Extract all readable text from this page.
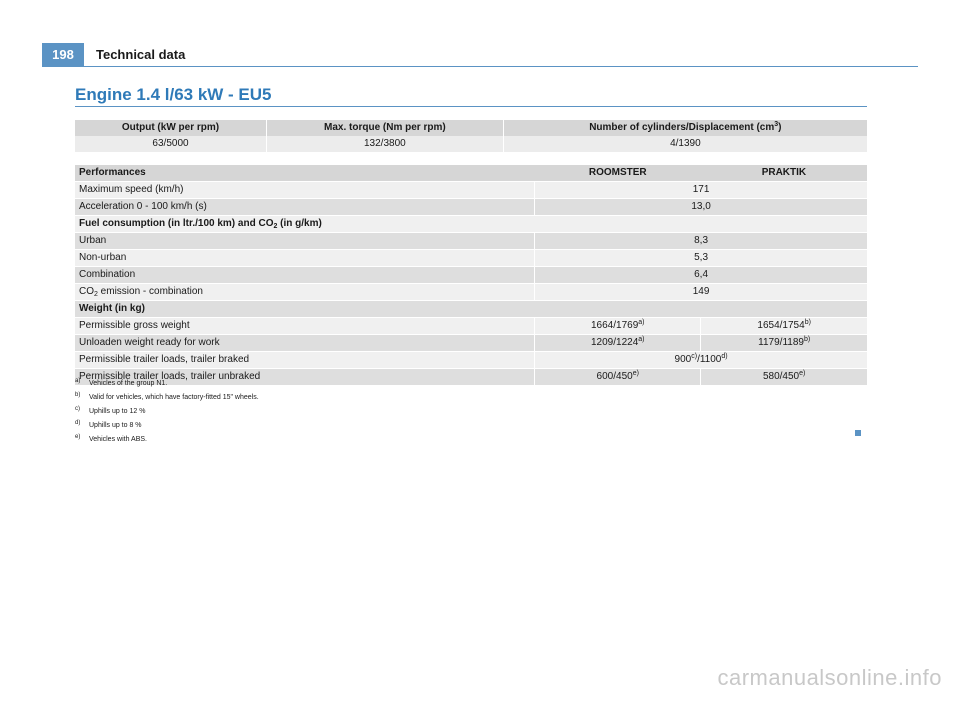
198	Technical data
Engine 1.4 l/63 kW - EU5
Output (kW per rpm)	Max. torque (Nm per rpm)	Number of cylinders/Displacement $(cm^3)$
63/5000	132/3800	4/1390
Performances	ROOMSTER	PRAKTIK
Maximum speed (km/h)	171	
Acceleration 0 - 100 km/h (s)	13,0	
Fuel consumption (in ltr./100 km) and $CO_2$ (in g/km)		
Urban	8,3	
Non-urban	5,3	
Combination	6,4	
$CO_2$ emission - combination	149	
Weight (in kg)		
Permissible gross weight	1664/1769$^{a)}$	1654/1754$^{b)}$
Unloaden weight ready for work	1209/1224$^{a)}$	1179/1189$^{b)}$
Permissible trailer loads, trailer braked	900$^{c)}$/1100$^{d)}$
Permissible trailer loads, trailer unbraked	600/450$^{e)}$	580/450$^{e)}$
a) Vehicles of the group N1.
b) Valid for vehicles, which have factory-fitted 15" wheels.
c) Uphills up to 12 %
d) Uphills up to 8 %
e) Vehicles with ABS.
carmanualsonline.info
